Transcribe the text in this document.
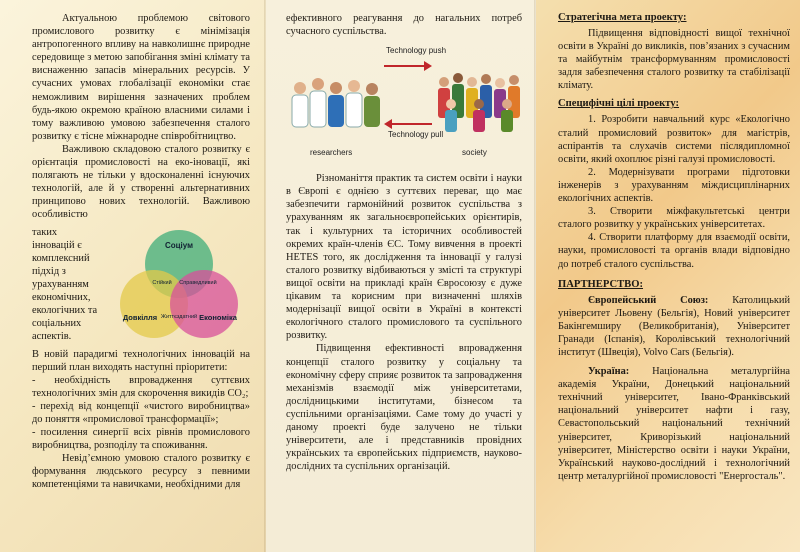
Актуальною проблемою світового промислового розвитку є мінімізація антропогенного впливу на навколишнє природне середовище з метою запобігання зміні клімату та виснаженню запасів мінеральних ресурсів. У сучасних умовах глобалізації економіки стає неможливим вирішення зазначених проблем будь-якою окремою країною власними силами і тому важливою умовою забезпечення сталого розвитку є тісне міжнародне співробітництво.

Важливою складовою сталого розвитку є орієнтація промисловості на еко-іновації, які полягають не тільки у вдосконаленні існуючих технологій, але й у створенні альтернативних принципово нових технологій. Важливою особливістю

таких інновацій є комплексний підхід з урахуванням економічних, екологічних та соціальних аспектів.

Соціум
Довкілля	Економіка
Стійкий Справедливий
Життєздатний

В новій парадигмі технологічних інновацій на перший план виходять наступні пріоритети:

- необхідність впровадження суттєвих технологічних змін для скорочення викидів CO₂;

- перехід від концепції «чистого виробництва» до поняття «промислової трансформації»;

- посилення синергії всіх рівнів промислового виробництва, розподілу та споживання.

Невід’ємною умовою сталого розвитку є формування людського ресурсу з певними компетенціями та навичками, необхідними для

ефективного реагування до нагальних потреб сучасного суспільства.

Technology push
Technology pull
researchers	society

Різноманіття практик та систем освіти і науки в Європі є однією з суттєвих переваг, що має забезпечити гармонійний розвиток суспільства з урахуванням як загальноєвропейських орієнтирів, так і культурних та історичних особливостей окремих країн-членів ЄС. Тому вивчення в проекті HETES того, як дослідження та інновації у галузі сталого розвитку відбиваються у змісті та структурі вищої освіти на прикладі країн Євросоюзу є дуже цікавим та корисним при визначенні шляхів модернізації вищої освіти в Україні в контексті екологічного сталого промислового та суспільного розвитку.

Підвищення ефективності впровадження концепції сталого розвитку у соціальну та економічну сферу сприяє розвиток та запровадження механізмів взаємодії між університетами, дослідницькими інститутами, бізнесом та суспільними організаціями. Саме тому до участі у даному проекті буде залучено не тільки університети, але і представників провідних українських та європейських підприємств, науково-дослідних та суспільних організацій.

Стратегічна мета проекту:

Підвищення відповідності вищої технічної освіти в Україні до викликів, пов’язаних з сучасним та майбутнім трансформуванням промисловості задля забезпечення сталого розвитку та стабілізації клімату.

Специфічні цілі проекту:

1. Розробити навчальний курс «Екологічно сталий промисловий розвиток» для магістрів, аспірантів та слухачів системи післядипломної освіти, який охоплює різні галузі промисловості.

2. Модернізувати програми підготовки інженерів з урахуванням міждисциплінарних екологічних аспектів.

3. Створити міжфакультетські центри сталого розвитку у українських університетах.

4. Створити платформу для взаємодії освіти, науки, промисловості та органів влади відповідно до потреб сталого суспільства.

ПАРТНЕРСТВО:

Європейський Союз: Католицький університет Льовену (Бельгія), Новий університет Бакінгемширу (Великобританія), Університет Гранади (Іспанія), Королівський технологічний інститут (Швеція), Volvo Cars (Бельгія).

Україна: Національна металургійна академія України, Донецький національний технічний університет, Івано-Франківський національний університет нафти і газу, Севастопольський національний технічний університет, Криворізький національний університет, Міністерство освіти і науки України, Український науково-дослідний і технологічний центр металургійної промисловості "Енергосталь".
